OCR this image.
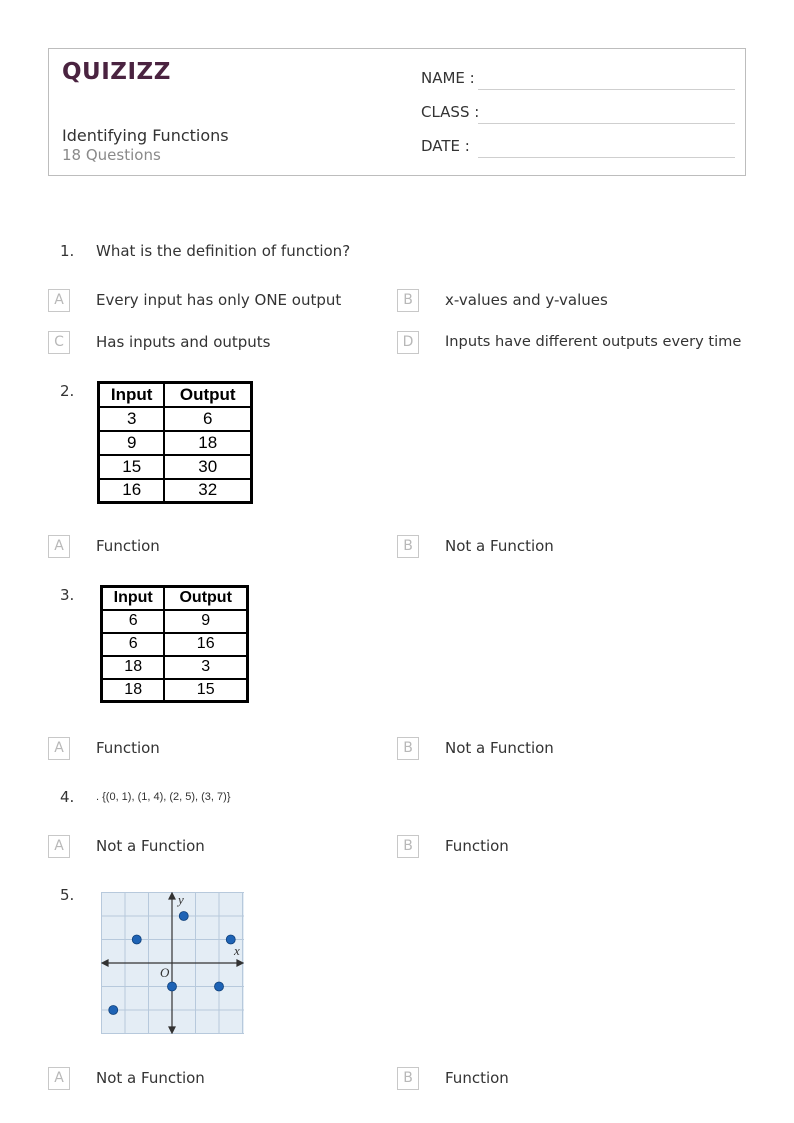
QUIZIZZ
Identifying Functions
18 Questions
NAME :
CLASS :
DATE :
1. What is the definition of function?
A	Every input has only ONE output	B	x-values and y-values
C	Has inputs and outputs	D	Inputs have different outputs every time
2. Input	Output
3	6
9	18
15	30
16	32
A	Function	B	Not a Function
3. Input	Output
6	9
6	16
18	3
18	15
A	Function	B	Not a Function
4. . {(0, 1), (1, 4), (2, 5), (3, 7)}
A	Not a Function	B	Function
5.
x
y
O
A	Not a Function	B	Function
